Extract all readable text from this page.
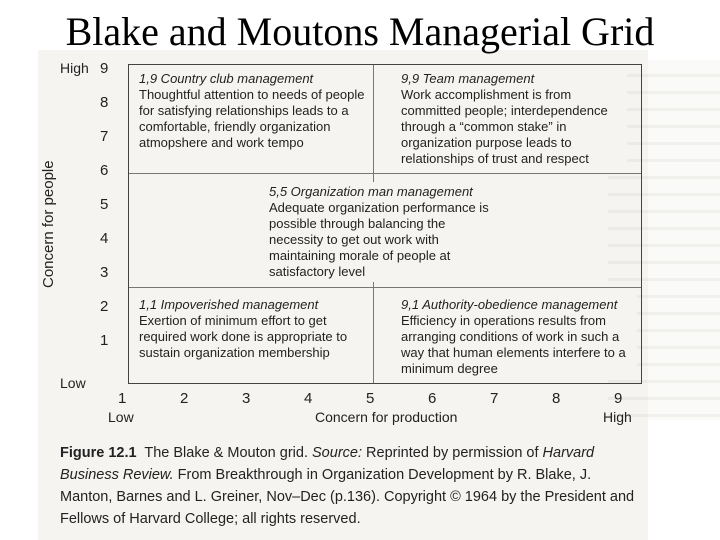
Blake and Moutons Managerial Grid
High
Low
Concern for people
9
8
7
6
5
4
3
2
1
1,9 Country club management
Thoughtful attention to needs of people for satisfying relationships leads to a comfortable, friendly organization atmopshere and work tempo
9,9 Team management
Work accomplishment is from committed people; interdependence through a “common stake” in organization purpose leads to relationships of trust and respect
5,5 Organization man management
Adequate organization performance is possible through balancing the necessity to get out work with maintaining morale of people at satisfactory level
1,1 Impoverished management
Exertion of minimum effort to get required work done is appropriate to sustain organization membership
9,1 Authority-obedience management
Efficiency in operations results from arranging conditions of work in such a way that human elements interfere to a minimum degree
1	2	3	4	5	6	7	8	9
Low	Concern for production	High
Figure 12.1 The Blake & Mouton grid. Source: Reprinted by permission of Harvard Business Review. From Breakthrough in Organization Development by R. Blake, J. Manton, Barnes and L. Greiner, Nov–Dec (p.136). Copyright © 1964 by the President and Fellows of Harvard College; all rights reserved.
